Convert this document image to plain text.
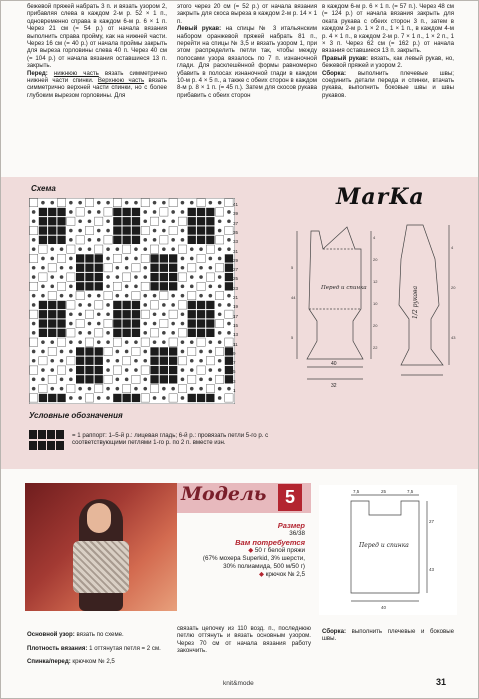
бежевой пряжей набрать 3 п. и вязать узором 2, прибавляя слева в каждом 2-м р. 52 × 1 п., одновременно справа в каждом 6-м р. 6 × 1 п. Через 21 см (= 54 р.) от начала вязания выполнить справа пройму, как на нижней части. Через 16 см (= 40 р.) от начала проймы закрыть для выреза горловины слева 40 п. Через 40 см (= 104 р.) от начала вязания оставшиеся 13 п. закрыть.

Перед: нижнюю часть вязать симметрично нижней части спинки. Верхнюю часть вязать симметрично верхней части спинки, но с более глубоким вырезом горловины. Для

этого через 20 см (= 52 р.) от начала вязания закрыть для скоса выреза в каждом 2-м р. 14 × 1 п.

Левый рукав: на спицы № 3 итальянским набором оранжевой пряжей набрать 81 п., перейти на спицы № 3,5 и вязать узором 1, при этом распределить петли так, чтобы между полосами узора вязалось по 7 п. изнаночной глади. Для расклешённой формы равномерно убавить в полосах изнаночной глади в каждом 10-м р. 4 × 5 п., а также с обеих сторон в каждом 8-м р. 8 × 1 п. (= 45 п.). Затем для скосов рукава прибавить с обеих сторон

в каждом 6-м р. 6 × 1 п. (= 57 п.). Через 48 см (= 124 р.) от начала вязания закрыть для оката рукава с обеих сторон 3 п., затем в каждом 2-м р. 1 × 2 п., 1 × 1 п., в каждом 4-м р. 4 × 1 п., в каждом 2-м р. 7 × 1 п., 1 × 2 п., 1 × 3 п. Через 62 см (= 162 р.) от начала вязания оставшиеся 13 п. закрыть.

Правый рукав: вязать, как левый рукав, но, бежевой пряжей и узором 2.

Сборка: выполнить плечевые швы; соединить детали переда и спинки, втачать рукава, выполнить боковые швы и швы рукавов.

Схема	MarKa
41
39
37
35
33
31
29
27
25
23
21
19
17
15
13
11
9
7
5
3
1
4
20
12
10
20
22
5
44
5
4
20
43
Перед и спинка	1/2 рукава
40
32
Условные обозначения
= 1 раппорт: 1–5-й р.: лицевая гладь; 6-й р.: провязать петли 5-го р. с соответствующими петлями 1-го р. по 2 п. вместе изн.
Модель	5
Размер
36/38
Вам потребуется
◆ 50 г белой пряжи
(67% мохера Superkid, 3% шерсти,
30% полиамида, 500 м/50 г)
◆ крючок № 2,5
7,5	25	7,5
27
43
40
Перед и спинка

Основной узор: вязать по схеме.

Плотность вязания: 1 оттянутая петля = 2 см.

Спинка/перед: крючком № 2,5

связать цепочку из 110 возд. п., последнюю петлю оттянуть и вязать основным узором. Через 70 см от начала вязания работу закончить.
Сборка: выполнить плечевые и боковые швы.
knit&mode	31
